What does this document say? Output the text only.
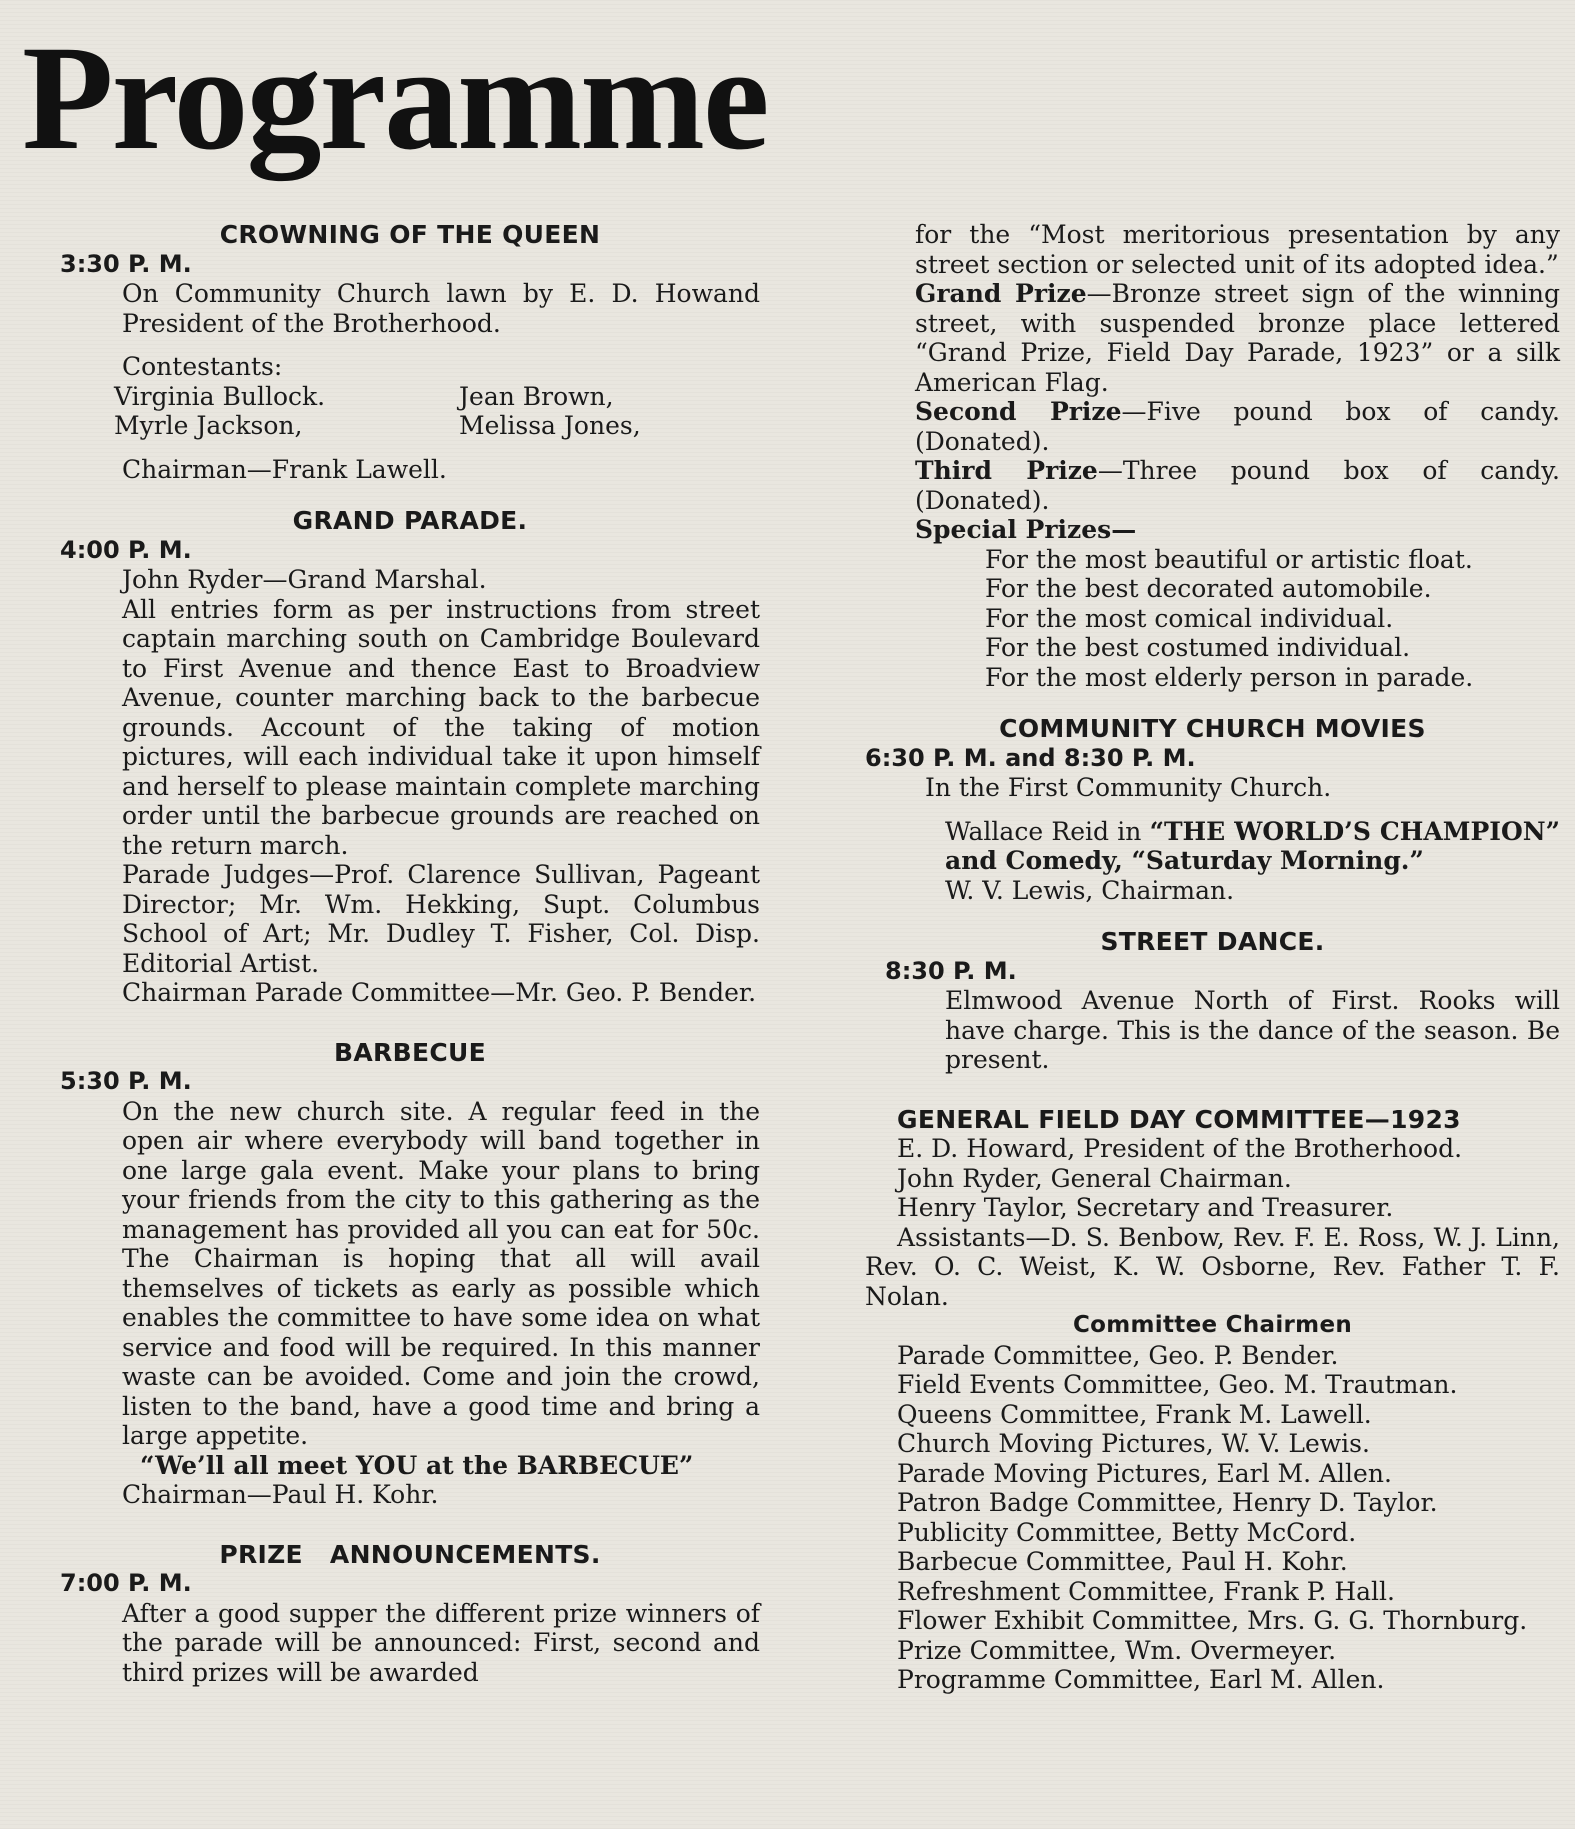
Programme
CROWNING OF THE QUEEN
3:30 P. M.
On Community Church lawn by E. D. Howand President of the Brotherhood.
Contestants:
Virginia Bullock.	Jean Brown,
Myrle Jackson,	Melissa Jones,
Chairman—Frank Lawell.
GRAND PARADE.
4:00 P. M.
John Ryder—Grand Marshal.
All entries form as per instructions from street captain marching south on Cambridge Boulevard to First Avenue and thence East to Broadview Avenue, counter marching back to the barbecue grounds. Account of the taking of motion pictures, will each individual take it upon himself and herself to please maintain complete marching order until the barbecue grounds are reached on the return march.
Parade Judges—Prof. Clarence Sullivan, Pageant Director; Mr. Wm. Hekking, Supt. Columbus School of Art; Mr. Dudley T. Fisher, Col. Disp. Editorial Artist.
Chairman Parade Committee—Mr. Geo. P. Bender.
BARBECUE
5:30 P. M.
On the new church site. A regular feed in the open air where everybody will band together in one large gala event. Make your plans to bring your friends from the city to this gathering as the management has provided all you can eat for 50c. The Chairman is hoping that all will avail themselves of tickets as early as possible which enables the committee to have some idea on what service and food will be required. In this manner waste can be avoided. Come and join the crowd, listen to the band, have a good time and bring a large appetite.
“We’ll all meet YOU at the BARBECUE”
Chairman—Paul H. Kohr.
PRIZE   ANNOUNCEMENTS.
7:00 P. M.
After a good supper the different prize winners of the parade will be announced: First, second and third prizes will be awarded
for the “Most meritorious presentation by any street section or selected unit of its adopted idea.”
Grand Prize—Bronze street sign of the winning street, with suspended bronze place lettered “Grand Prize, Field Day Parade, 1923” or a silk American Flag.
Second Prize—Five pound box of candy. (Donated).
Third Prize—Three pound box of candy. (Donated).
Special Prizes—
For the most beautiful or artistic float.
For the best decorated automobile.
For the most comical individual.
For the best costumed individual.
For the most elderly person in parade.
COMMUNITY CHURCH MOVIES
6:30 P. M. and 8:30 P. M.
In the First Community Church.
Wallace Reid in “THE WORLD’S CHAMPION” and Comedy, “Saturday Morning.”
W. V. Lewis, Chairman.
STREET DANCE.
8:30 P. M.
Elmwood Avenue North of First. Rooks will have charge. This is the dance of the season. Be present.
GENERAL FIELD DAY COMMITTEE—1923
E. D. Howard, President of the Brotherhood.
John Ryder, General Chairman.
Henry Taylor, Secretary and Treasurer.
Assistants—D. S. Benbow, Rev. F. E. Ross, W. J. Linn, Rev. O. C. Weist, K. W. Osborne, Rev. Father T. F. Nolan.
Committee Chairmen
Parade Committee, Geo. P. Bender.
Field Events Committee, Geo. M. Trautman.
Queens Committee, Frank M. Lawell.
Church Moving Pictures, W. V. Lewis.
Parade Moving Pictures, Earl M. Allen.
Patron Badge Committee, Henry D. Taylor.
Publicity Committee, Betty McCord.
Barbecue Committee, Paul H. Kohr.
Refreshment Committee, Frank P. Hall.
Flower Exhibit Committee, Mrs. G. G. Thornburg.
Prize Committee, Wm. Overmeyer.
Programme Committee, Earl M. Allen.
